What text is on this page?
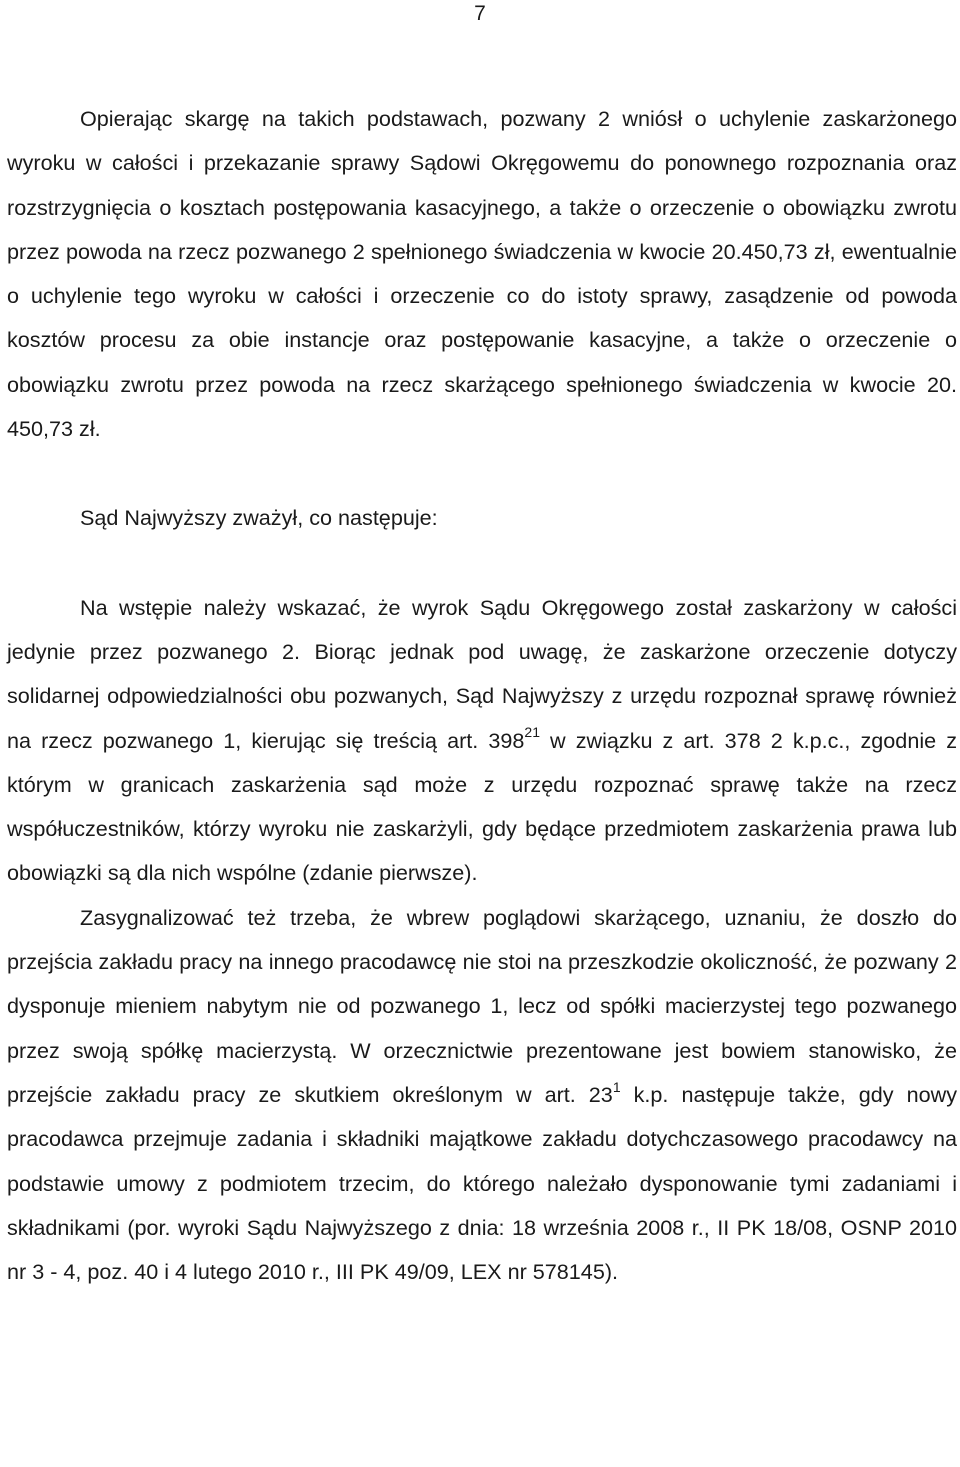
7

Opierając skargę na takich podstawach, pozwany 2 wniósł o uchylenie zaskarżonego wyroku w całości i przekazanie sprawy Sądowi Okręgowemu do ponownego rozpoznania oraz rozstrzygnięcia o kosztach postępowania kasacyjnego, a także o orzeczenie o obowiązku zwrotu przez powoda na rzecz pozwanego 2 spełnionego świadczenia w kwocie 20.450,73 zł, ewentualnie o uchylenie tego wyroku w całości i orzeczenie co do istoty sprawy, zasądzenie od powoda kosztów procesu za obie instancje oraz postępowanie kasacyjne, a także o orzeczenie o obowiązku zwrotu przez powoda na rzecz skarżącego spełnionego świadczenia w kwocie 20. 450,73 zł.

Sąd Najwyższy zważył, co następuje:

Na wstępie należy wskazać, że wyrok Sądu Okręgowego został zaskarżony w całości jedynie przez pozwanego 2. Biorąc jednak pod uwagę, że zaskarżone orzeczenie dotyczy solidarnej odpowiedzialności obu pozwanych, Sąd Najwyższy z urzędu rozpoznał sprawę również na rzecz pozwanego 1, kierując się treścią art. $398^{21}$ w związku z art. 378 2 k.p.c., zgodnie z którym w granicach zaskarżenia sąd może z urzędu rozpoznać sprawę także na rzecz współuczestników, którzy wyroku nie zaskarżyli, gdy będące przedmiotem zaskarżenia prawa lub obowiązki są dla nich wspólne (zdanie pierwsze).

Zasygnalizować też trzeba, że wbrew poglądowi skarżącego, uznaniu, że doszło do przejścia zakładu pracy na innego pracodawcę nie stoi na przeszkodzie okoliczność, że pozwany 2 dysponuje mieniem nabytym nie od pozwanego 1, lecz od spółki macierzystej tego pozwanego przez swoją spółkę macierzystą. W orzecznictwie prezentowane jest bowiem stanowisko, że przejście zakładu pracy ze skutkiem określonym w art. $23^1$ k.p. następuje także, gdy nowy pracodawca przejmuje zadania i składniki majątkowe zakładu dotychczasowego pracodawcy na podstawie umowy z podmiotem trzecim, do którego należało dysponowanie tymi zadaniami i składnikami (por. wyroki Sądu Najwyższego z dnia: 18 września 2008 r., II PK 18/08, OSNP 2010 nr 3 - 4, poz. 40 i 4 lutego 2010 r., III PK 49/09, LEX nr 578145).
